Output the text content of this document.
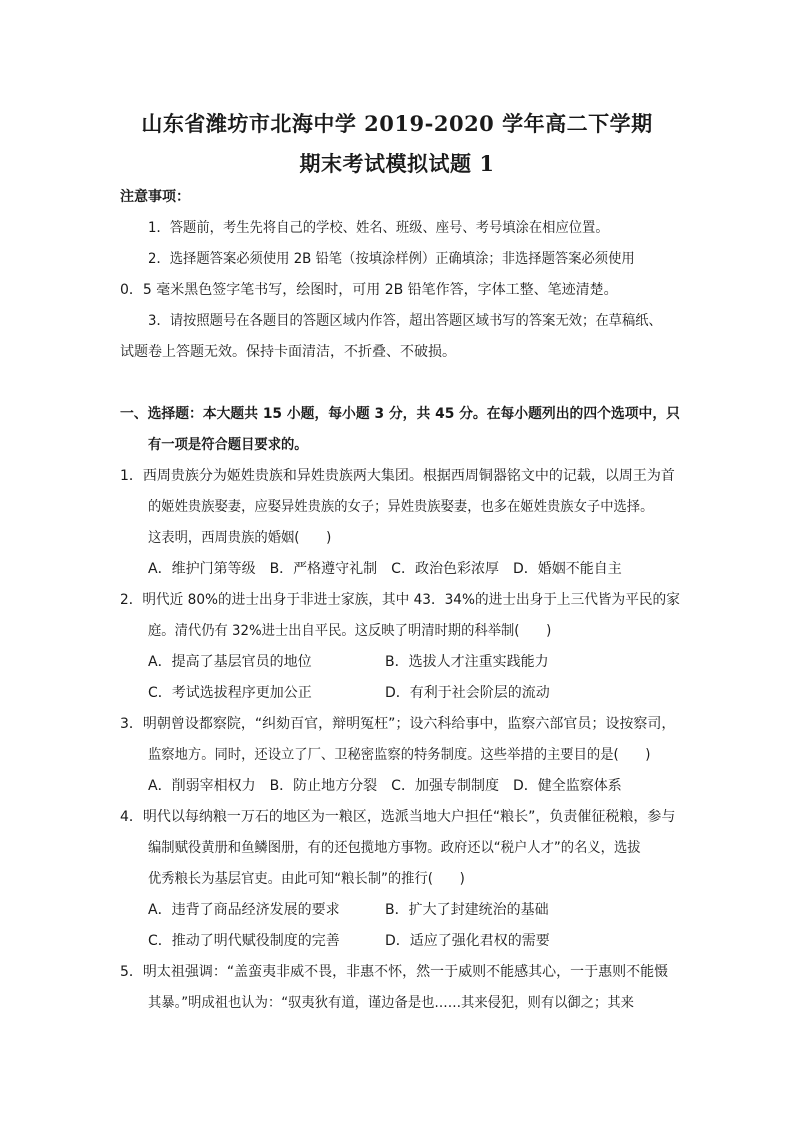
山东省潍坊市北海中学 2019-2020 学年高二下学期
期末考试模拟试题 1
注意事项：
1．答题前，考生先将自己的学校、姓名、班级、座号、考号填涂在相应位置。
2．选择题答案必须使用 2B 铅笔（按填涂样例）正确填涂；非选择题答案必须使用
0．5 毫米黑色签字笔书写，绘图时，可用 2B 铅笔作答，字体工整、笔迹清楚。
3．请按照题号在各题目的答题区域内作答，超出答题区域书写的答案无效；在草稿纸、
试题卷上答题无效。保持卡面清洁，不折叠、不破损。
一、选择题：本大题共 15 小题，每小题 3 分，共 45 分。在每小题列出的四个选项中，只
有一项是符合题目要求的。
1．西周贵族分为姬姓贵族和异姓贵族两大集团。根据西周铜器铭文中的记载，以周王为首
的姬姓贵族娶妻，应娶异姓贵族的女子；异姓贵族娶妻，也多在姬姓贵族女子中选择。
这表明，西周贵族的婚姻(　　)
A．维护门第等级　B．严格遵守礼制　C．政治色彩浓厚　D．婚姻不能自主
2．明代近 80%的进士出身于非进士家族，其中 43．34%的进士出身于上三代皆为平民的家
庭。清代仍有 32%进士出自平民。这反映了明清时期的科举制(　　)
A．提高了基层官员的地位	B．选拔人才注重实践能力
C．考试选拔程序更加公正	D．有利于社会阶层的流动
3．明朝曾设都察院，“纠劾百官，辩明冤枉”；设六科给事中，监察六部官员；设按察司，
监察地方。同时，还设立了厂、卫秘密监察的特务制度。这些举措的主要目的是(　　)
A．削弱宰相权力　B．防止地方分裂　C．加强专制制度　D．健全监察体系
4．明代以每纳粮一万石的地区为一粮区，选派当地大户担任“粮长”，负责催征税粮，参与
编制赋役黄册和鱼鳞图册，有的还包揽地方事物。政府还以“税户人才”的名义，选拔
优秀粮长为基层官吏。由此可知“粮长制”的推行(　　)
A．违背了商品经济发展的要求	B．扩大了封建统治的基础
C．推动了明代赋役制度的完善	D．适应了强化君权的需要
5．明太祖强调：“盖蛮夷非威不畏，非惠不怀，然一于威则不能感其心，一于惠则不能慑
其暴。”明成祖也认为：“驭夷狄有道，谨边备是也……其来侵犯，则有以御之；其来
